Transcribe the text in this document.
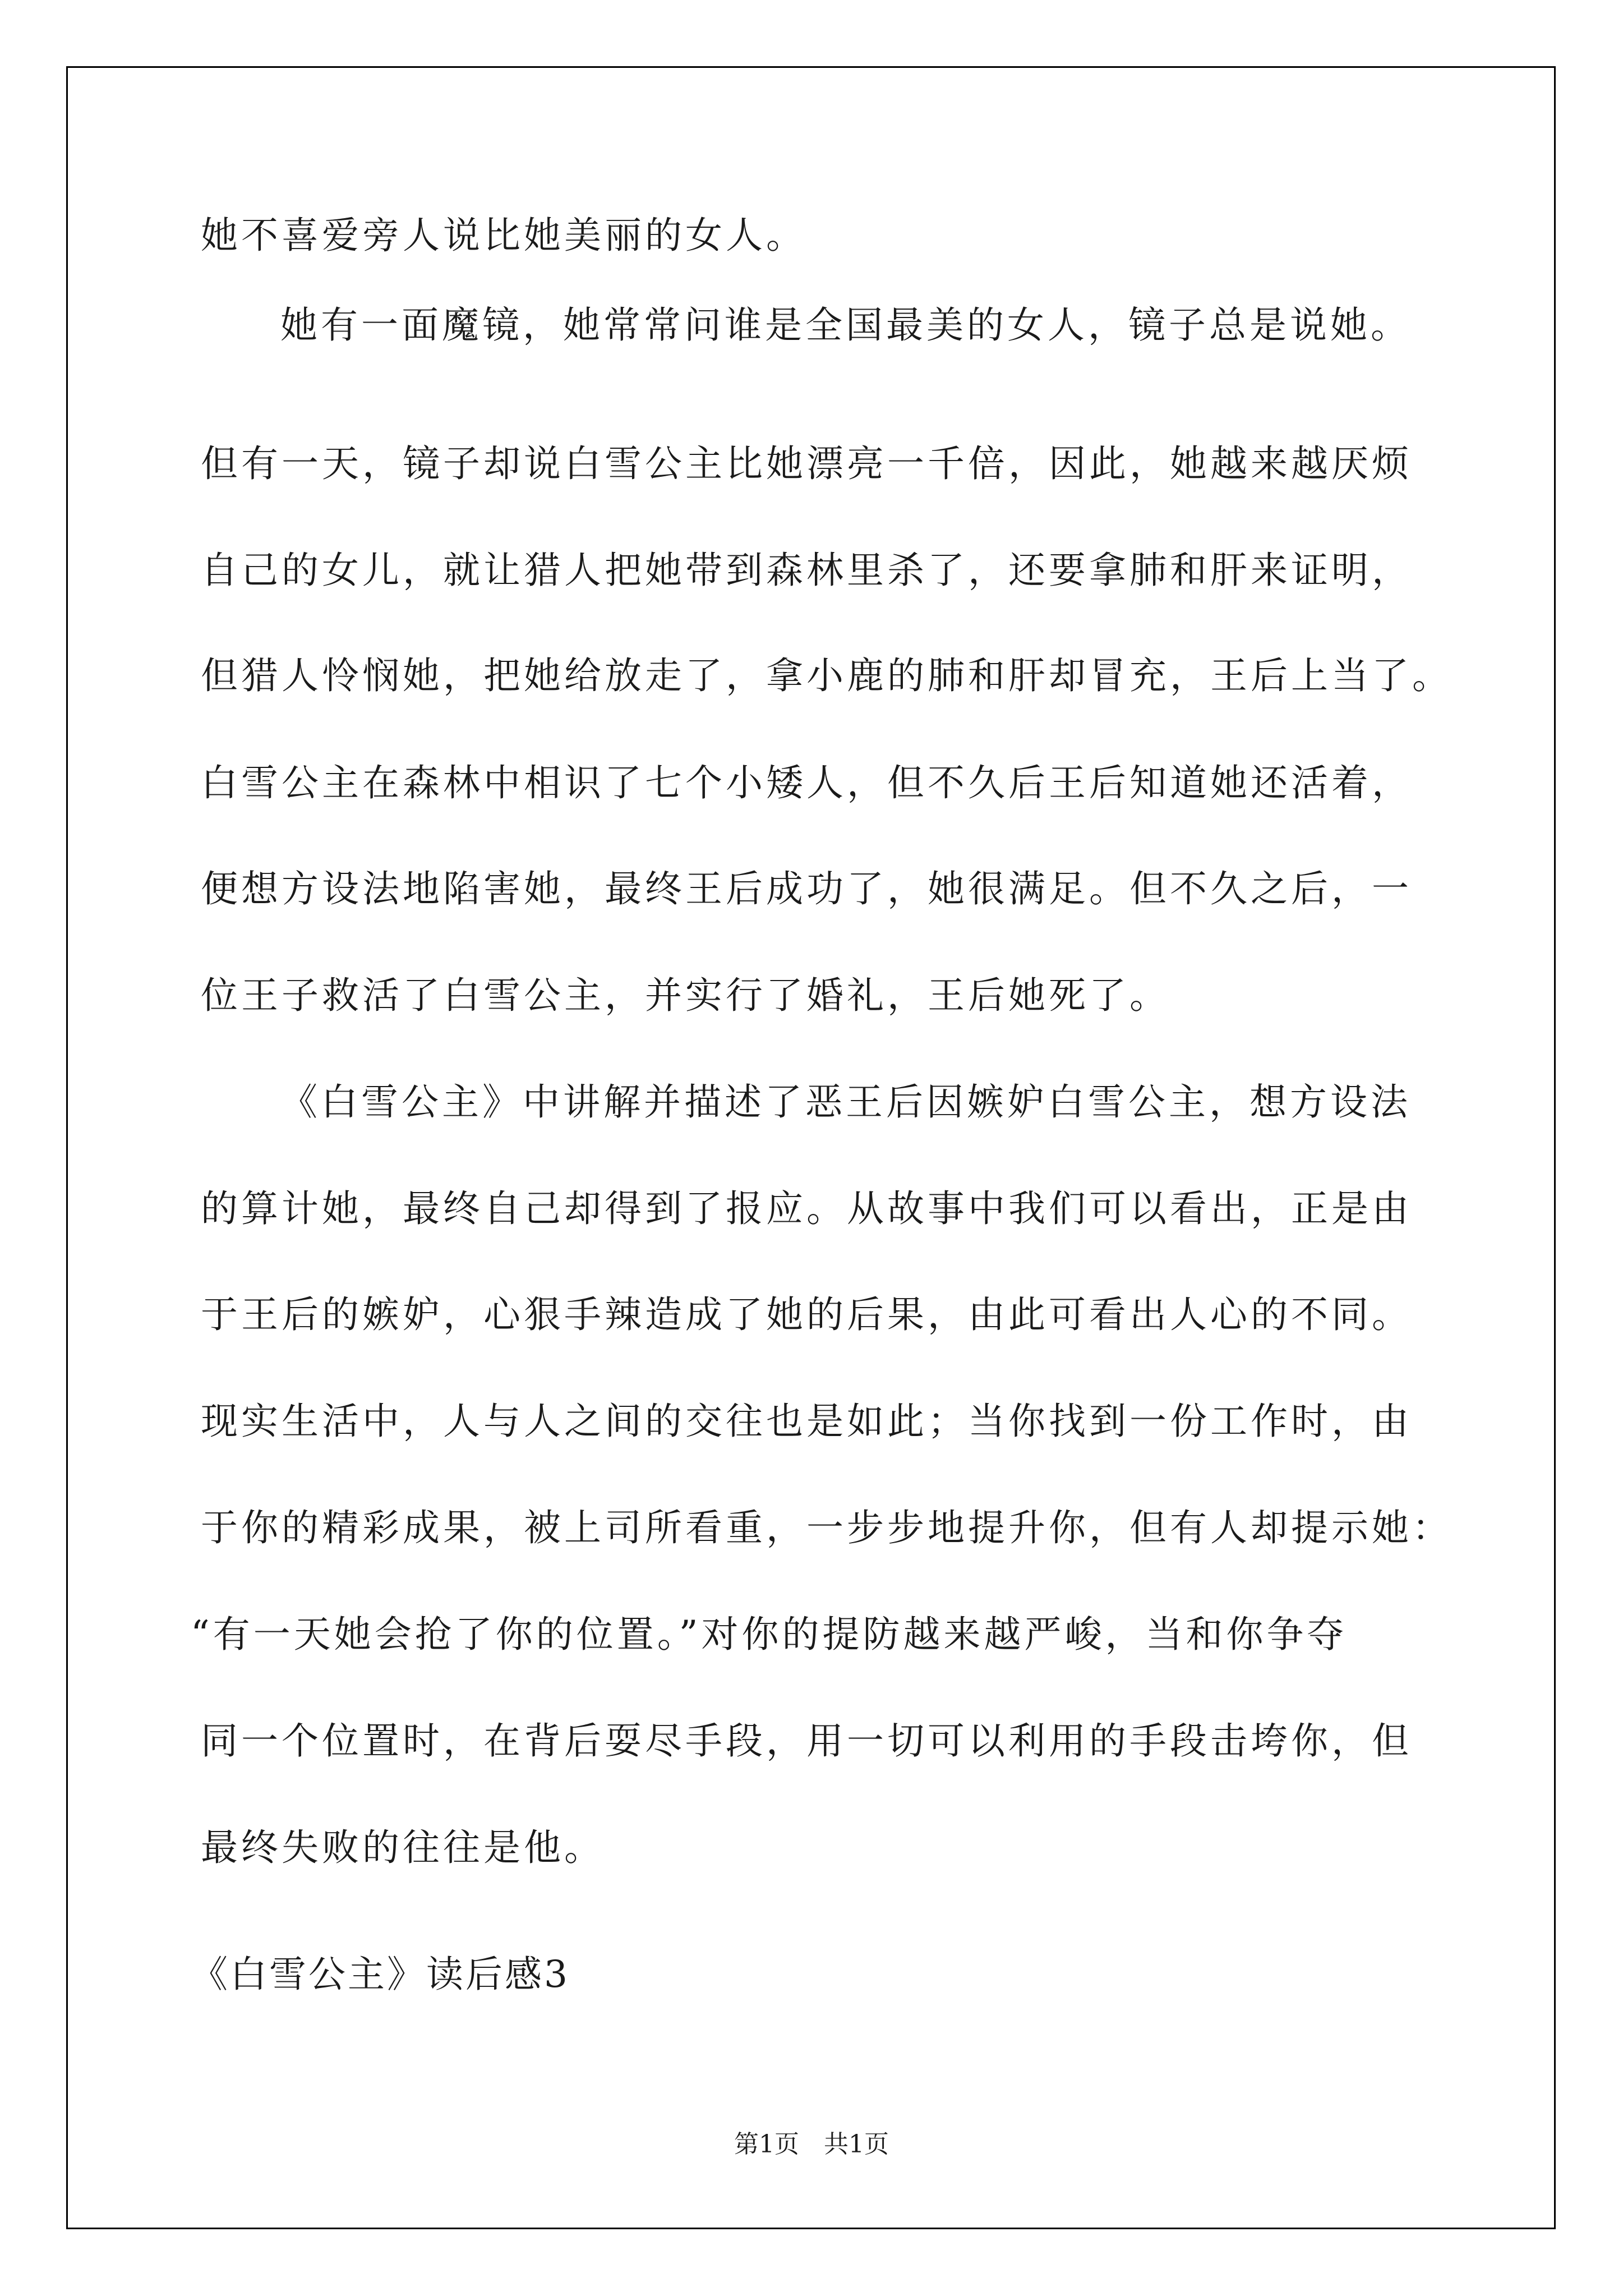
她不喜爱旁人说比她美丽的女人。
她有一面魔镜，她常常问谁是全国最美的女人，镜子总是说她。
但有一天，镜子却说白雪公主比她漂亮一千倍，因此，她越来越厌烦
自己的女儿，就让猎人把她带到森林里杀了，还要拿肺和肝来证明，
但猎人怜悯她，把她给放走了，拿小鹿的肺和肝却冒充，王后上当了。
白雪公主在森林中相识了七个小矮人，但不久后王后知道她还活着，
便想方设法地陷害她，最终王后成功了，她很满足。但不久之后，一
位王子救活了白雪公主，并实行了婚礼，王后她死了。
《白雪公主》中讲解并描述了恶王后因嫉妒白雪公主，想方设法
的算计她，最终自己却得到了报应。从故事中我们可以看出，正是由
于王后的嫉妒，心狠手辣造成了她的后果，由此可看出人心的不同。
现实生活中，人与人之间的交往也是如此；当你找到一份工作时，由
于你的精彩成果，被上司所看重，一步步地提升你，但有人却提示她：
“有一天她会抢了你的位置。”对你的提防越来越严峻，当和你争夺
同一个位置时，在背后耍尽手段，用一切可以利用的手段击垮你，但
最终失败的往往是他。
《白雪公主》读后感3
第1页　共1页
